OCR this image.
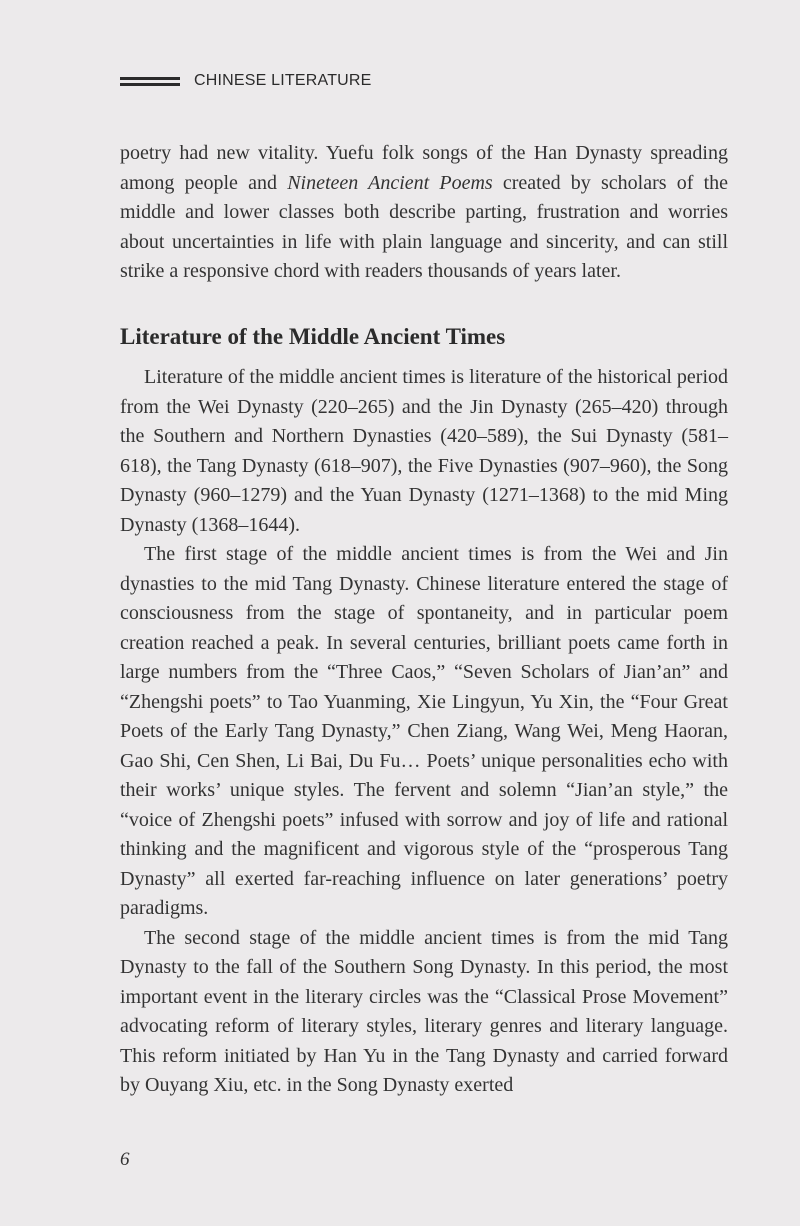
CHINESE LITERATURE

poetry had new vitality. Yuefu folk songs of the Han Dynasty spreading among people and Nineteen Ancient Poems created by scholars of the middle and lower classes both describe parting, frustration and worries about uncertainties in life with plain language and sincerity, and can still strike a responsive chord with readers thousands of years later.

Literature of the Middle Ancient Times

Literature of the middle ancient times is literature of the historical period from the Wei Dynasty (220–265) and the Jin Dynasty (265–420) through the Southern and Northern Dynasties (420–589), the Sui Dynasty (581–618), the Tang Dynasty (618–907), the Five Dynasties (907–960), the Song Dynasty (960–1279) and the Yuan Dynasty (1271–1368) to the mid Ming Dynasty (1368–1644).

The first stage of the middle ancient times is from the Wei and Jin dynasties to the mid Tang Dynasty. Chinese literature entered the stage of consciousness from the stage of spontaneity, and in particular poem creation reached a peak. In several centuries, brilliant poets came forth in large numbers from the “Three Caos,” “Seven Scholars of Jian’an” and “Zhengshi poets” to Tao Yuanming, Xie Lingyun, Yu Xin, the “Four Great Poets of the Early Tang Dynasty,” Chen Ziang, Wang Wei, Meng Haoran, Gao Shi, Cen Shen, Li Bai, Du Fu… Poets’ unique personalities echo with their works’ unique styles. The fervent and solemn “Jian’an style,” the “voice of Zhengshi poets” infused with sorrow and joy of life and rational thinking and the magnificent and vigorous style of the “prosperous Tang Dynasty” all exerted far-reaching influence on later generations’ poetry paradigms.

The second stage of the middle ancient times is from the mid Tang Dynasty to the fall of the Southern Song Dynasty. In this period, the most important event in the literary circles was the “Classical Prose Movement” advocating reform of literary styles, literary genres and literary language. This reform initiated by Han Yu in the Tang Dynasty and carried forward by Ouyang Xiu, etc. in the Song Dynasty exerted

6
